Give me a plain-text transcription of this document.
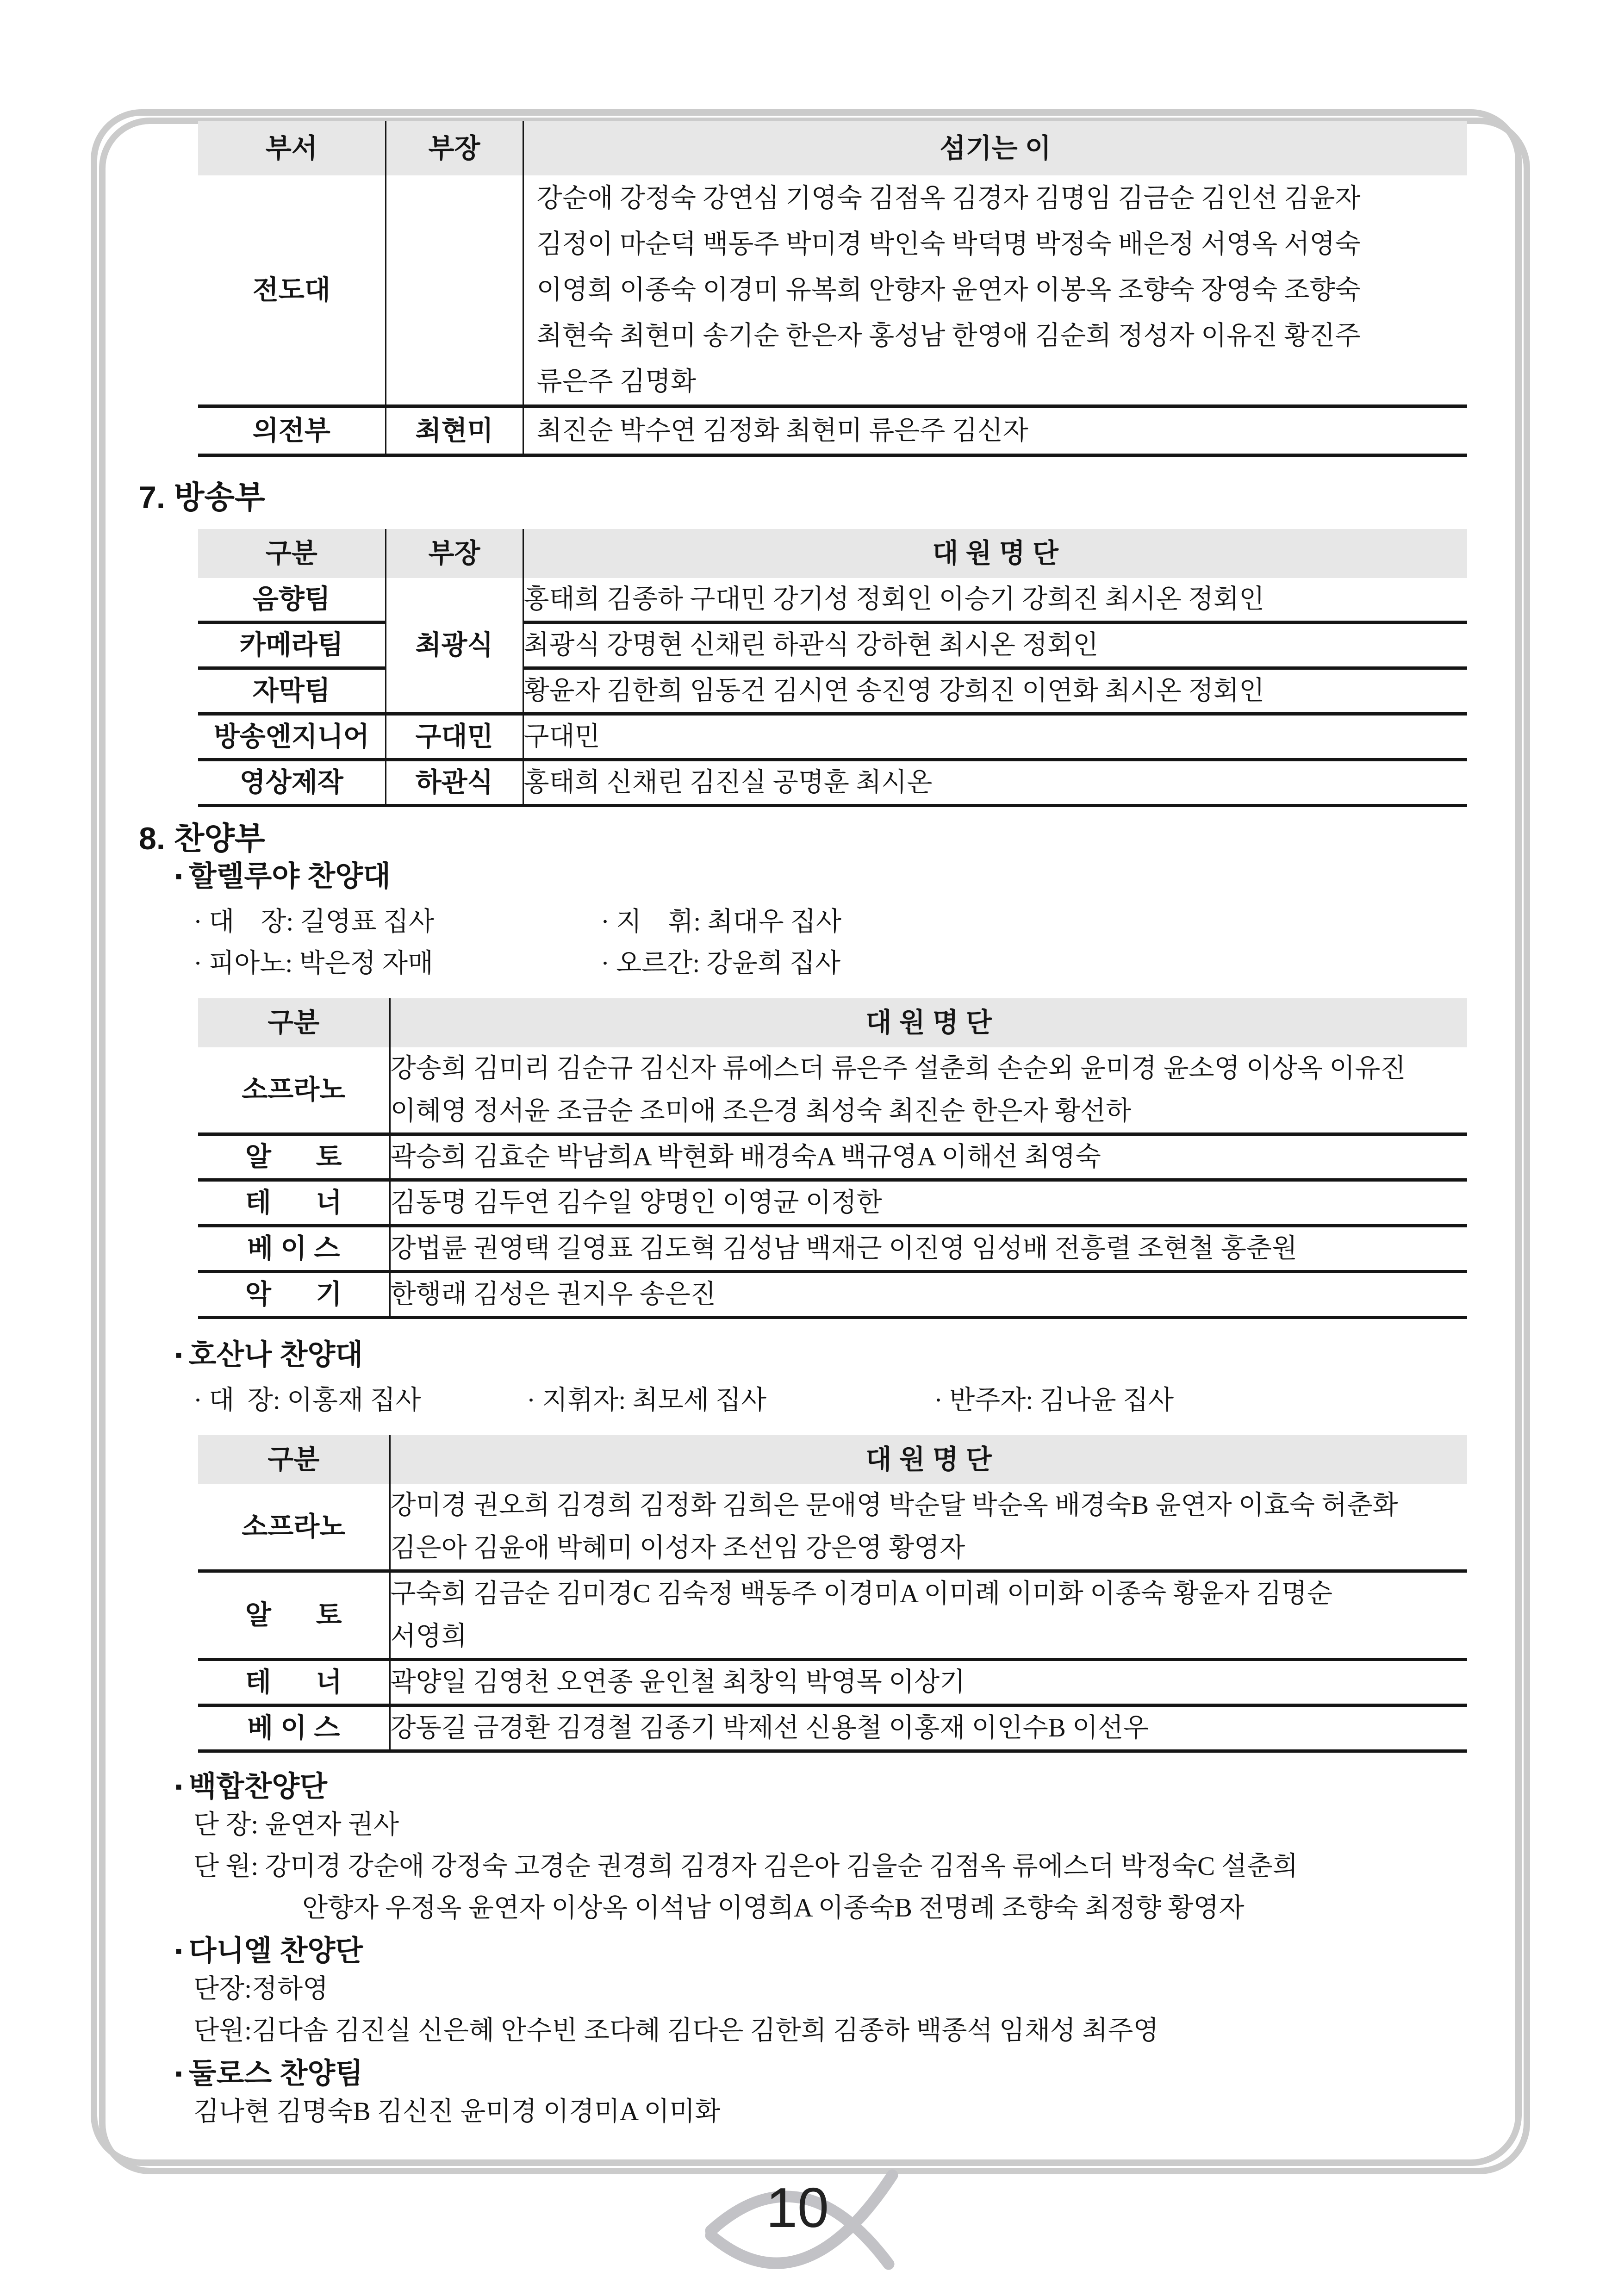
부서	부장	섬기는 이
전도대		강순애 강정숙 강연심 기영숙 김점옥 김경자 김명임 김금순 김인선 김윤자
김정이 마순덕 백동주 박미경 박인숙 박덕명 박정숙 배은정 서영옥 서영숙
이영희 이종숙 이경미 유복희 안향자 윤연자 이봉옥 조향숙 장영숙 조향숙
최현숙 최현미 송기순 한은자 홍성남 한영애 김순희 정성자 이유진 황진주
류은주 김명화

의전부	최현미	최진순 박수연 김정화 최현미 류은주 김신자
7. 방송부
구분	부장	대 원 명 단
음향팀	최광식	홍태희 김종하 구대민 강기성 정회인 이승기 강희진 최시온 정회인

카메라팀		최광식 강명현 신채린 하관식 강하현 최시온 정회인

자막팀		황윤자 김한희 임동건 김시연 송진영 강희진 이연화 최시온 정회인

방송엔지니어	구대민	구대민

영상제작	하관식	홍태희 신채린 김진실 공명훈 최시온
8. 찬양부
▪ 할렐루야 찬양대
· 대    장: 길영표 집사	· 지    휘: 최대우 집사
· 피아노: 박은정 자매	· 오르간: 강윤희 집사
구분	대 원 명 단
소프라노	강송희 김미리 김순규 김신자 류에스더 류은주 설춘희 손순외 윤미경 윤소영 이상옥 이유진
이혜영 정서윤 조금순 조미애 조은경 최성숙 최진순 한은자 황선하

알      토	곽승희 김효순 박남희A 박현화 배경숙A 백규영A 이해선 최영숙

테      너	김동명 김두연 김수일 양명인 이영균 이정한

베 이 스	강법륜 권영택 길영표 김도혁 김성남 백재근 이진영 임성배 전흥렬 조현철 홍춘원

악      기	한행래 김성은 권지우 송은진
▪ 호산나 찬양대
· 대  장: 이홍재 집사	· 지휘자: 최모세 집사	· 반주자: 김나윤 집사
구분	대 원 명 단
소프라노	강미경 권오희 김경희 김정화 김희은 문애영 박순달 박순옥 배경숙B 윤연자 이효숙 허춘화
김은아 김윤애 박혜미 이성자 조선임 강은영 황영자

알      토	구숙희 김금순 김미경C 김숙정 백동주 이경미A 이미례 이미화 이종숙 황윤자 김명순
서영희

테      너	곽양일 김영천 오연종 윤인철 최창익 박영목 이상기

베 이 스	강동길 금경환 김경철 김종기 박제선 신용철 이홍재 이인수B 이선우
▪ 백합찬양단
단 장: 윤연자 권사
단 원: 강미경 강순애 강정숙 고경순 권경희 김경자 김은아 김을순 김점옥 류에스더 박정숙C 설춘희
안향자 우정옥 윤연자 이상옥 이석남 이영희A 이종숙B 전명례 조향숙 최정향 황영자
▪ 다니엘 찬양단
단장:정하영
단원:김다솜 김진실 신은혜 안수빈 조다혜 김다은 김한희 김종하 백종석 임채성 최주영
▪ 둘로스 찬양팀
김나현 김명숙B 김신진 윤미경 이경미A 이미화
10
